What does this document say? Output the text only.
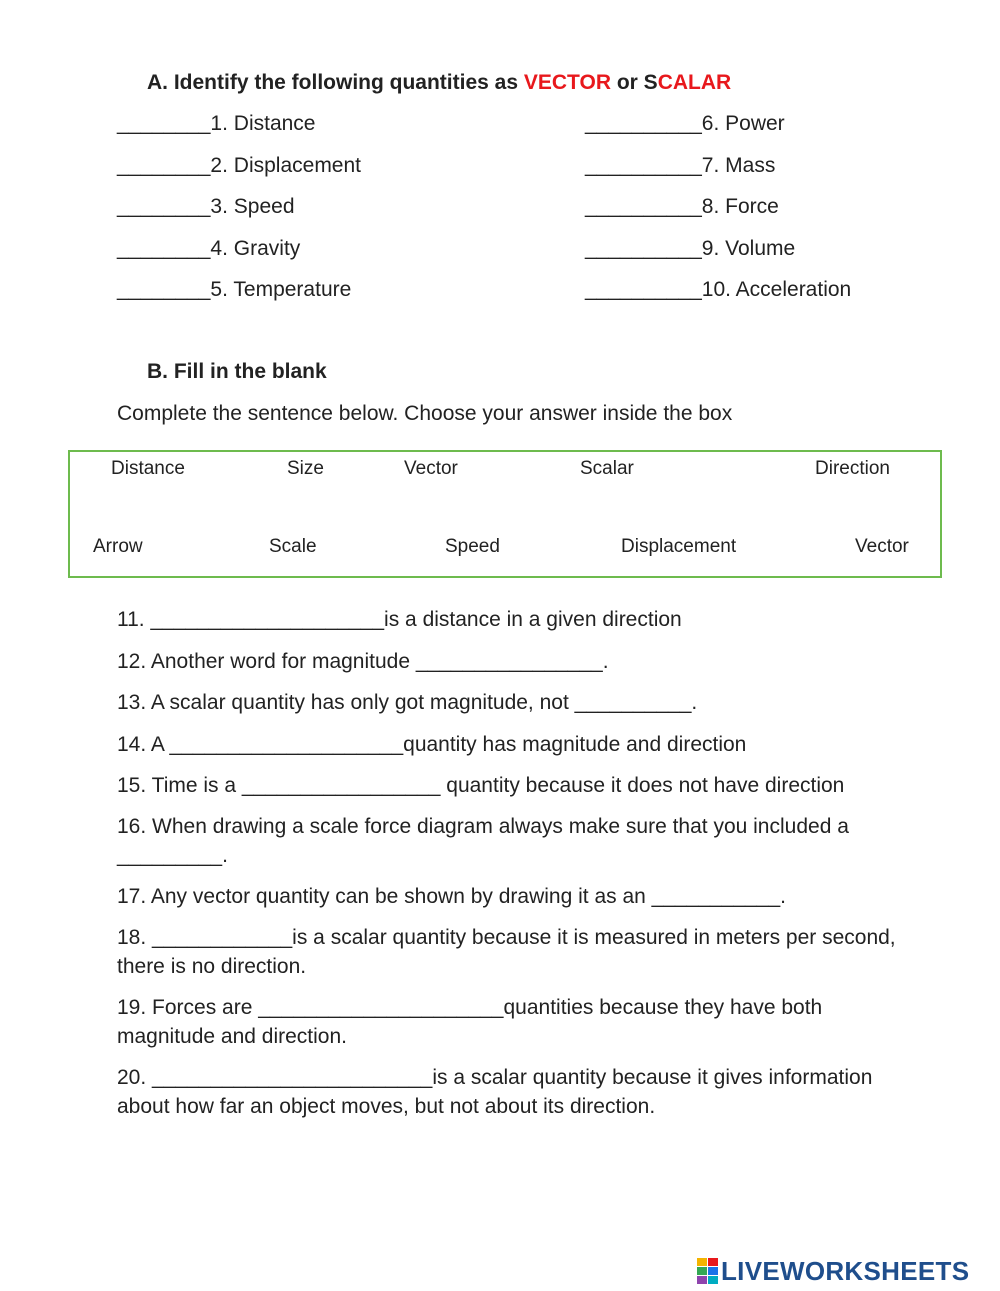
A. Identify the following quantities as VECTOR or SCALAR
________1. Distance
________2. Displacement
________3. Speed
________4. Gravity
________5. Temperature
__________6. Power
__________7. Mass
__________8. Force
__________9. Volume
__________10. Acceleration
B. Fill in the blank
Complete the sentence below. Choose your answer inside the box
Distance	Size	Vector	Scalar	Direction
Arrow	Scale	Speed	Displacement	Vector
11. ____________________is a distance in a given direction
12. Another word for magnitude ________________.
13. A scalar quantity has only got magnitude, not __________.
14. A ____________________quantity has magnitude and direction
15. Time is a _________________ quantity because it does not have direction
16. When drawing a scale force diagram always make sure that you included a
_________.
17. Any vector quantity can be shown by drawing it as an ___________.
18. ____________is a scalar quantity because it is measured in meters per second,
there is no direction.
19. Forces are _____________________quantities because they have both
magnitude and direction.
20. ________________________is a scalar quantity because it gives information
about how far an object moves, but not about its direction.
LIVEWORKSHEETS
